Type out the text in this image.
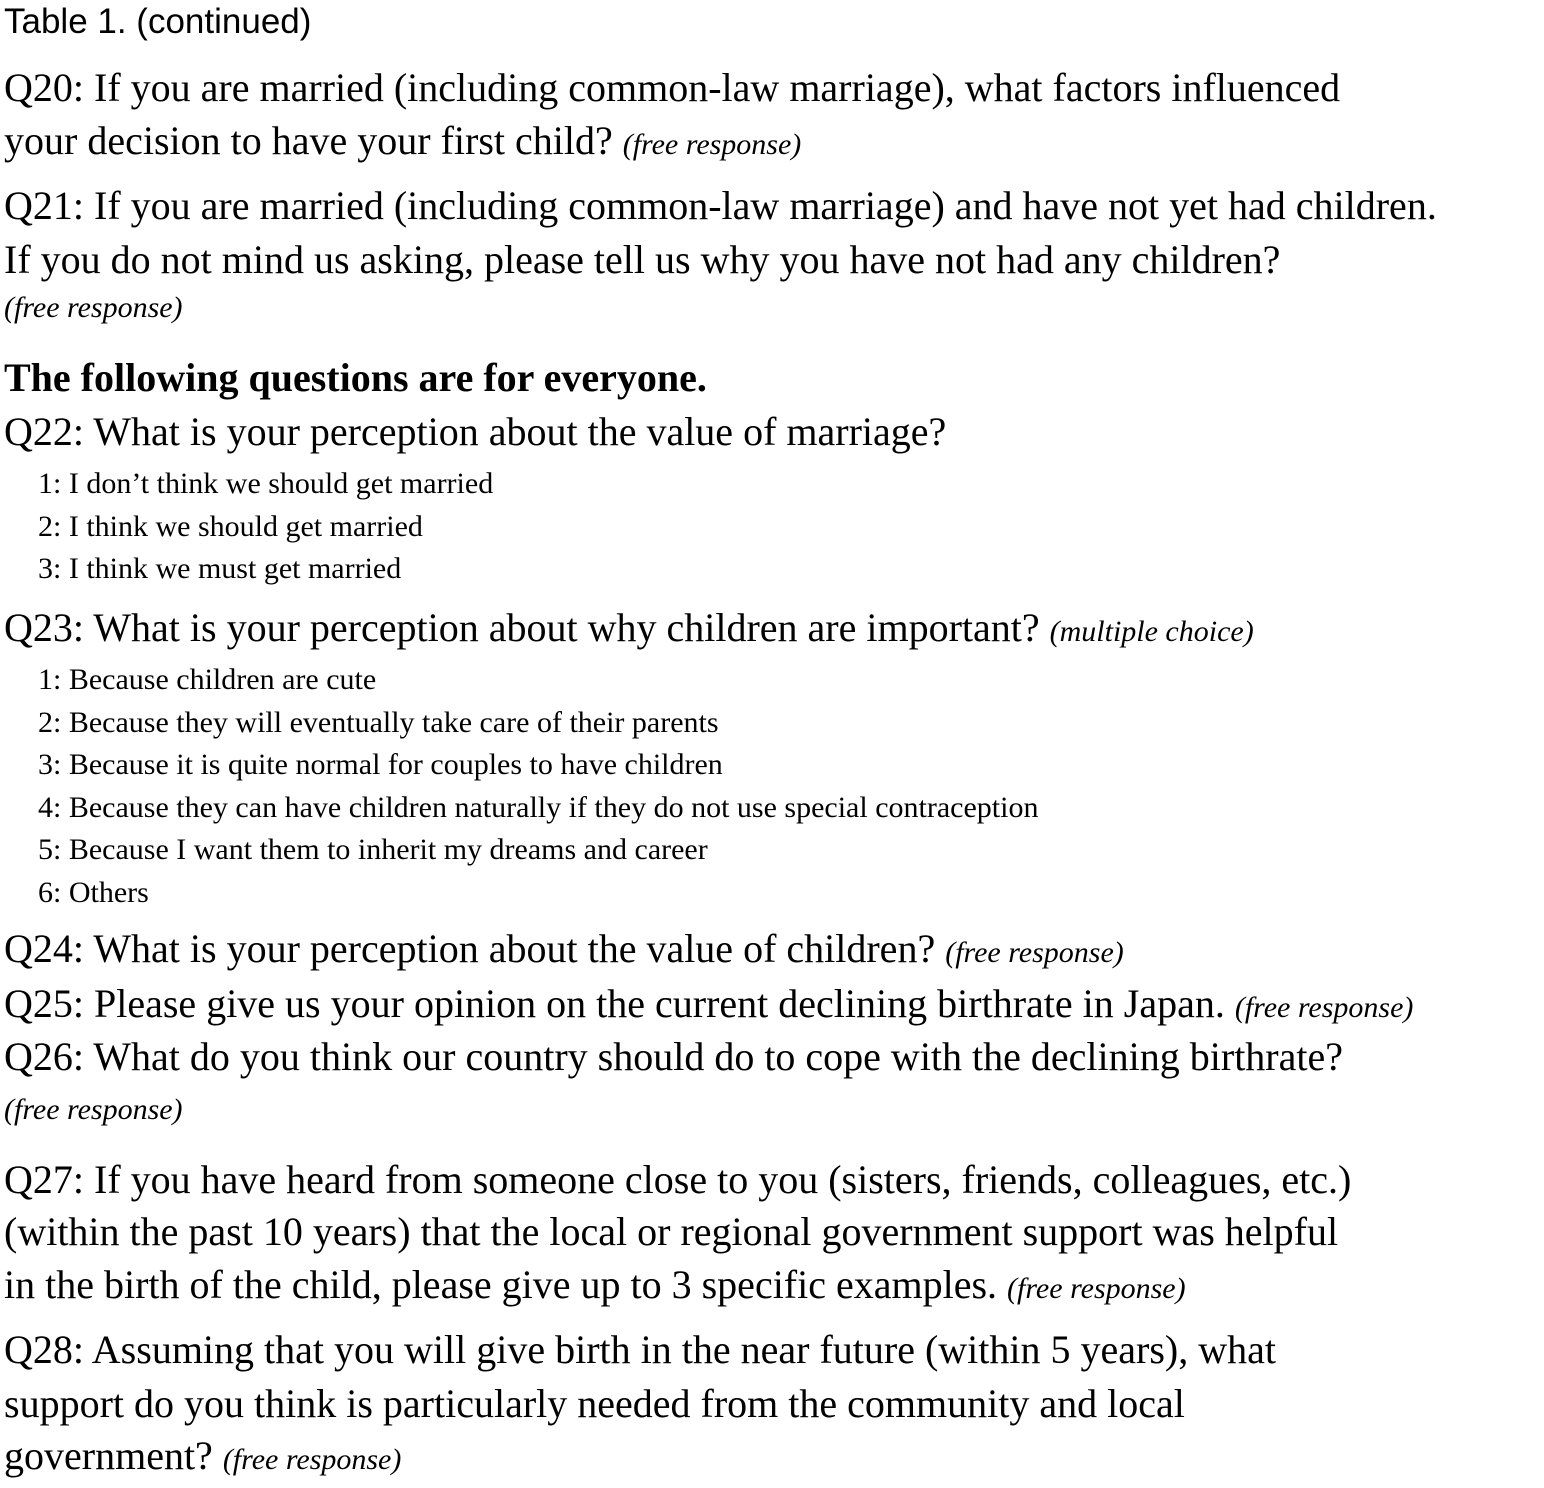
Table 1. (continued)
Q20: If you are married (including common-law marriage), what factors influenced
your decision to have your first child? (free response)
Q21: If you are married (including common-law marriage) and have not yet had children.
If you do not mind us asking, please tell us why you have not had any children?
(free response)
The following questions are for everyone.
Q22: What is your perception about the value of marriage?
1: I don’t think we should get married
2: I think we should get married
3: I think we must get married
Q23: What is your perception about why children are important? (multiple choice)
1: Because children are cute
2: Because they will eventually take care of their parents
3: Because it is quite normal for couples to have children
4: Because they can have children naturally if they do not use special contraception
5: Because I want them to inherit my dreams and career
6: Others
Q24: What is your perception about the value of children? (free response)
Q25: Please give us your opinion on the current declining birthrate in Japan. (free response)
Q26: What do you think our country should do to cope with the declining birthrate?
(free response)
Q27: If you have heard from someone close to you (sisters, friends, colleagues, etc.)
(within the past 10 years) that the local or regional government support was helpful
in the birth of the child, please give up to 3 specific examples. (free response)
Q28: Assuming that you will give birth in the near future (within 5 years), what
support do you think is particularly needed from the community and local
government? (free response)
